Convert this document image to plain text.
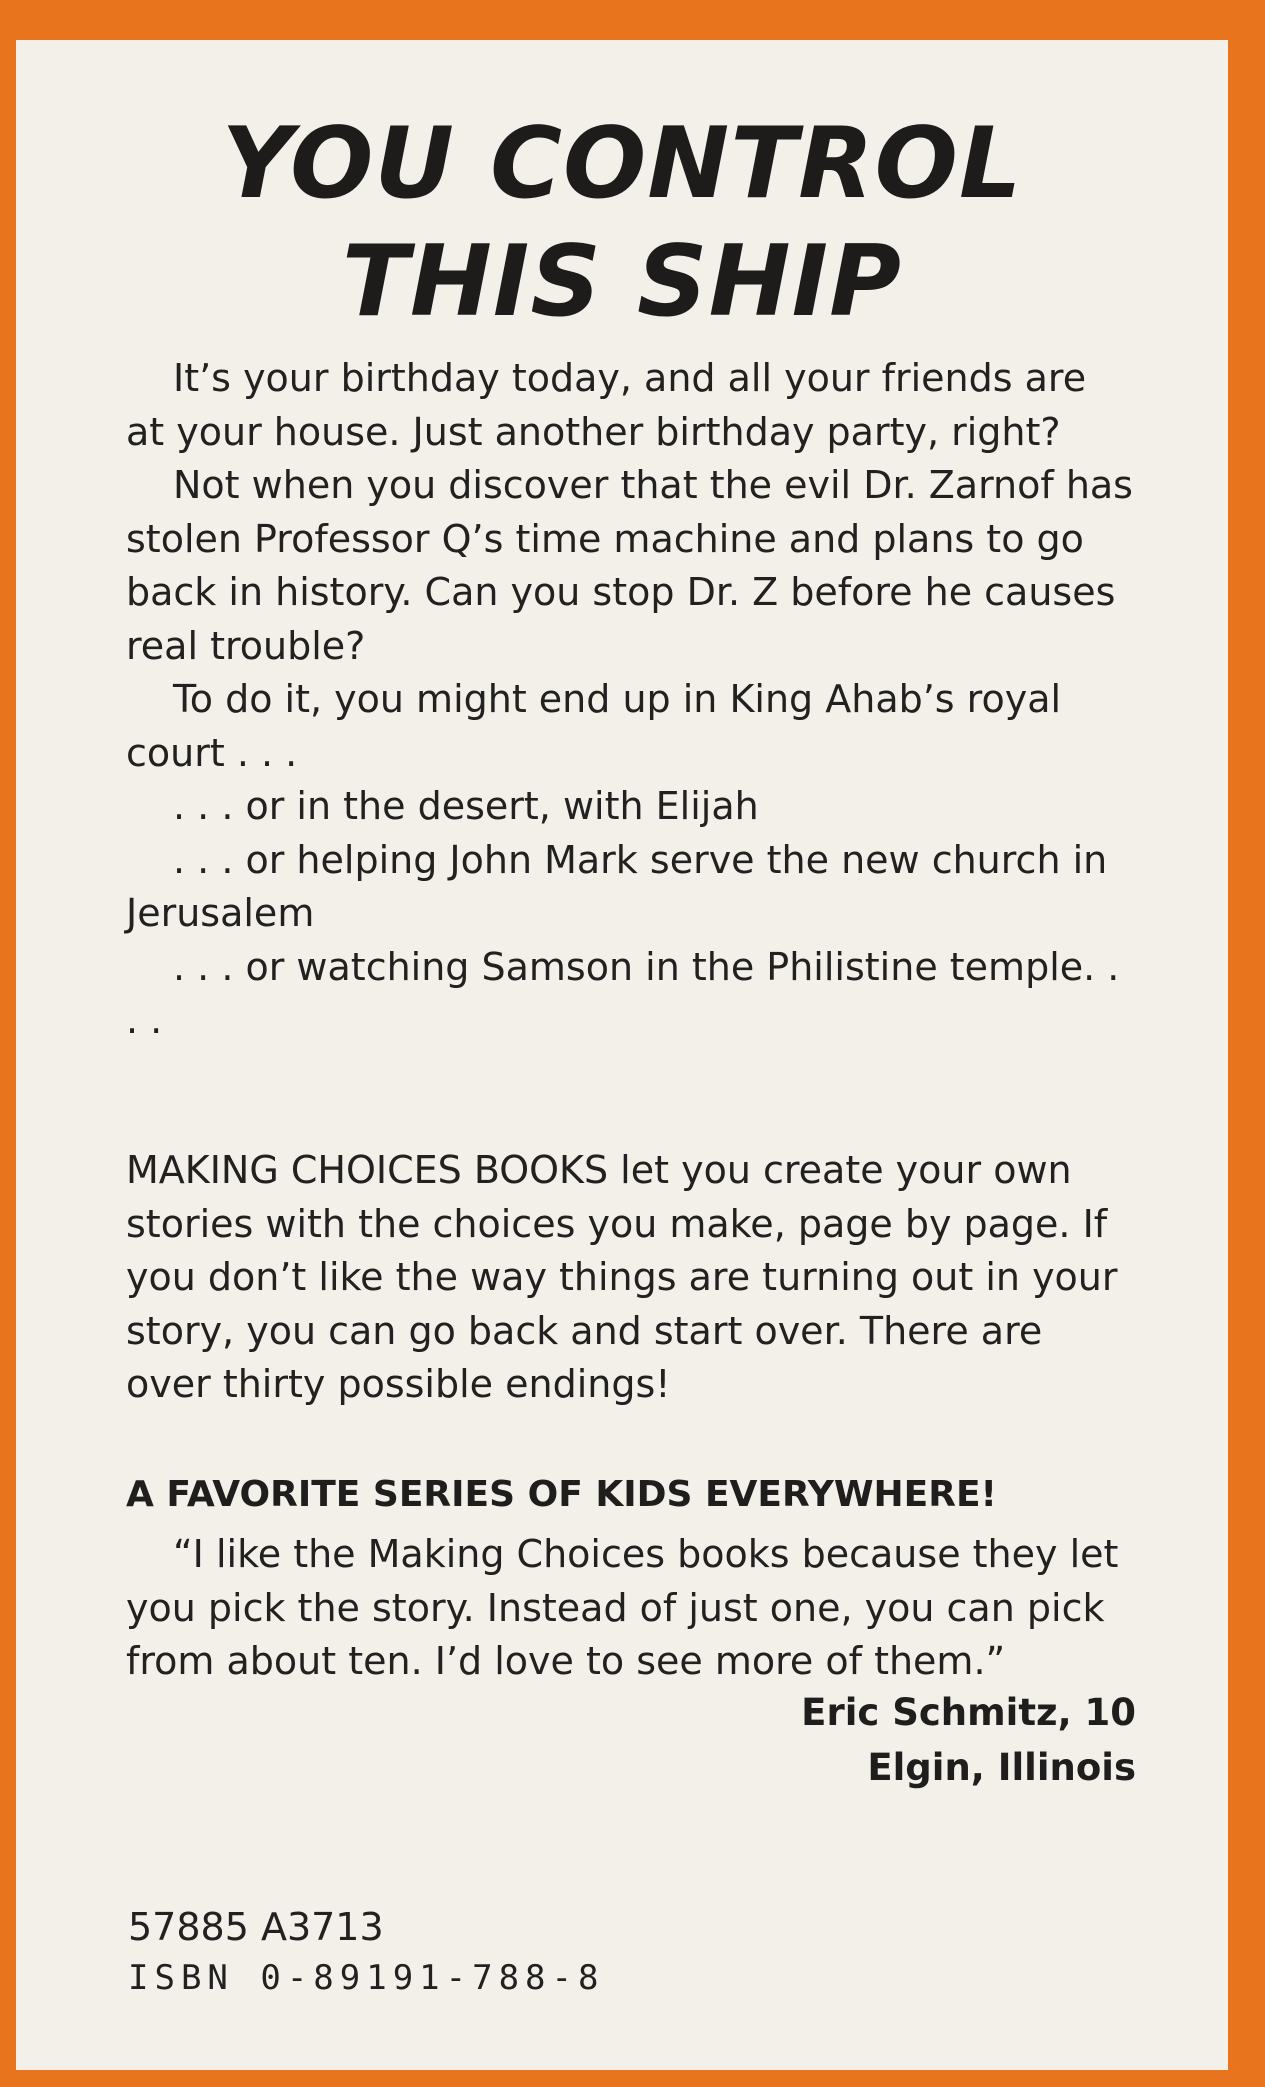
YOU CONTROL
THIS SHIP

It’s your birthday today, and all your friends are at your house. Just another birthday party, right?

Not when you discover that the evil Dr. Zarnof has stolen Professor Q’s time machine and plans to go back in history. Can you stop Dr. Z before he causes real trouble?

To do it, you might end up in King Ahab’s royal court . . .

. . . or in the desert, with Elijah

. . . or helping John Mark serve the new church in Jerusalem

. . . or watching Samson in the Philistine temple. . . .

MAKING CHOICES BOOKS let you create your own stories with the choices you make, page by page. If you don’t like the way things are turning out in your story, you can go back and start over. There are over thirty possible endings!

A FAVORITE SERIES OF KIDS EVERYWHERE!

“I like the Making Choices books because they let you pick the story. Instead of just one, you can pick from about ten. I’d love to see more of them.”

Eric Schmitz, 10
Elgin, Illinois
57885 A3713
ISBN 0-89191-788-8
